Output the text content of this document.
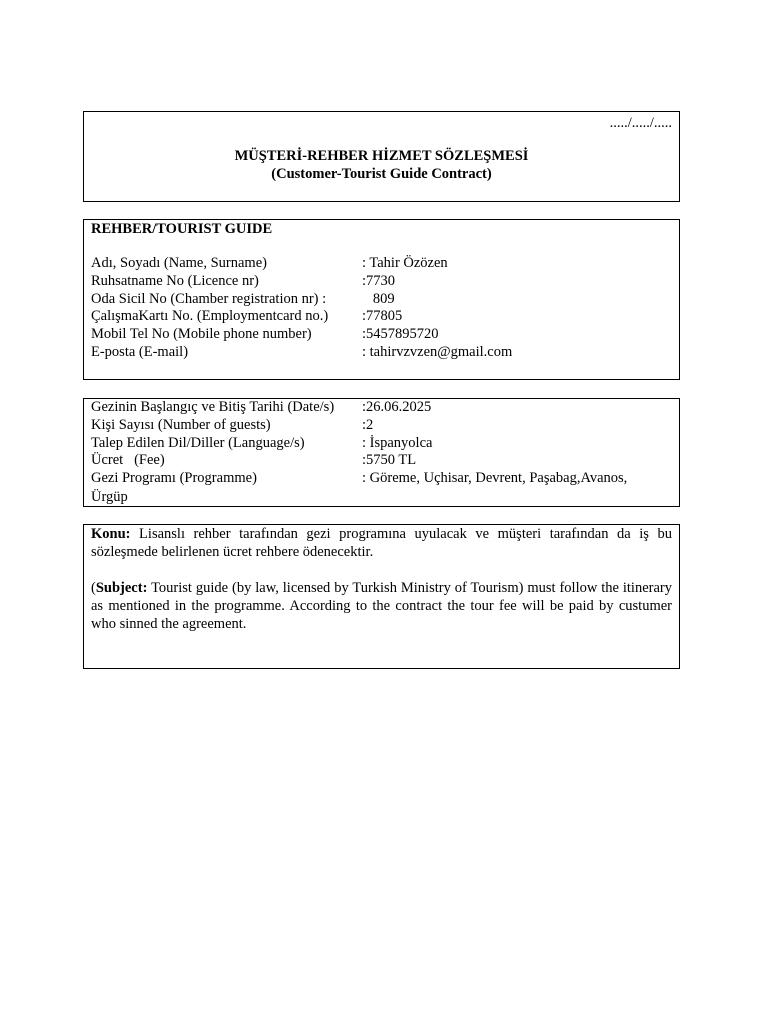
...../...../.....
MÜŞTERİ-REHBER HİZMET SÖZLEŞMESİ
(Customer-Tourist Guide Contract)
REHBER/TOURIST GUIDE
Adı, Soyadı (Name, Surname)	: Tahir Özözen
Ruhsatname No (Licence nr)	:7730
Oda Sicil No (Chamber registration nr) :	809
ÇalışmaKartı No. (Employmentcard no.)	:77805
Mobil Tel No (Mobile phone number)	:5457895720
E-posta (E-mail)	: tahirvzvzen@gmail.com
Gezinin Başlangıç ve Bitiş Tarihi (Date/s)	:26.06.2025
Kişi Sayısı (Number of guests)	:2
Talep Edilen Dil/Diller (Language/s)	: İspanyolca
Ücret   (Fee)	:5750 TL
Gezi Programı (Programme)	: Göreme, Uçhisar, Devrent, Paşabag,Avanos,
Ürgüp
Konu: Lisanslı rehber tarafından gezi programına uyulacak ve müşteri tarafından da iş bu sözleşmede belirlenen ücret rehbere ödenecektir.
(Subject: Tourist guide (by law, licensed by Turkish Ministry of Tourism) must follow the itinerary as mentioned in the programme. According to the contract the tour fee will be paid by custumer who sinned the agreement.
